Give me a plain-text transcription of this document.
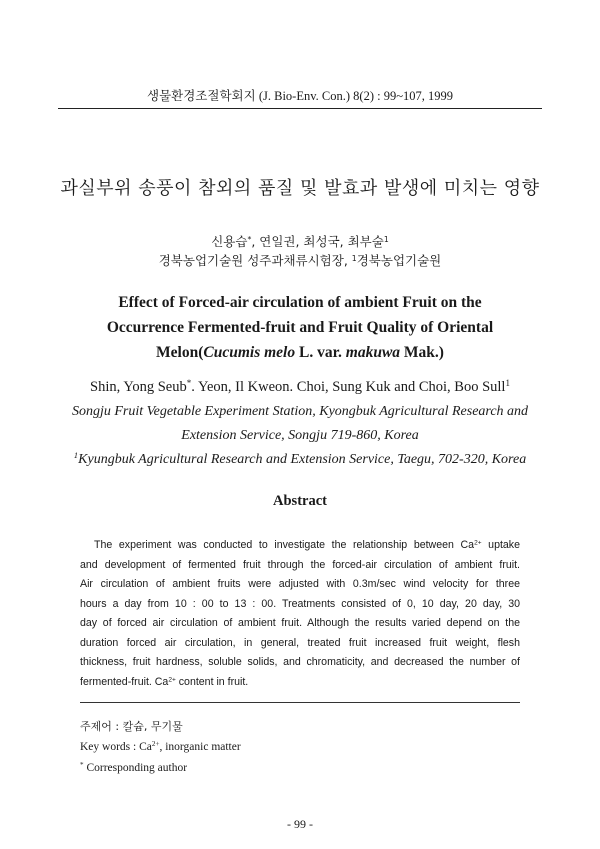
생물환경조절학회지 (J. Bio-Env. Con.) 8(2) : 99~107, 1999
과실부위 송풍이 참외의 품질 및 발효과 발생에 미치는 영향
신용습*, 연일권, 최성국, 최부술$^1$
경북농업기술원 성주과채류시험장, $^1$경북농업기술원
Effect of Forced-air circulation of ambient Fruit on the
Occurrence Fermented-fruit and Fruit Quality of Oriental
Melon(Cucumis melo L. var. makuwa Mak.)
Shin, Yong Seub*. Yeon, Il Kweon. Choi, Sung Kuk and Choi, Boo Sull$^1$
Songju Fruit Vegetable Experiment Station, Kyongbuk Agricultural Research and
Extension Service, Songju 719-860, Korea
$^1$Kyungbuk Agricultural Research and Extension Service, Taegu, 702-320, Korea
Abstract
The experiment was conducted to investigate the relationship between $Ca^{2+}$ uptake
and development of fermented fruit through the forced-air circulation of ambient fruit.
Air circulation of ambient fruits were adjusted with 0.3m/sec wind velocity for three
hours a day from 10 : 00 to 13 : 00. Treatments consisted of 0, 10 day, 20 day, 30
day of forced air circulation of ambient fruit. Although the results varied depend on the
duration forced air circulation, in general, treated fruit increased fruit weight, flesh
thickness, fruit hardness, soluble solids, and chromaticity, and decreased the number of
fermented-fruit. $Ca^{2+}$ content in fruit.
주제어 : 칼슘, 무기물
Key words : $Ca^{2+}$, inorganic matter
* Corresponding author
- 99 -
